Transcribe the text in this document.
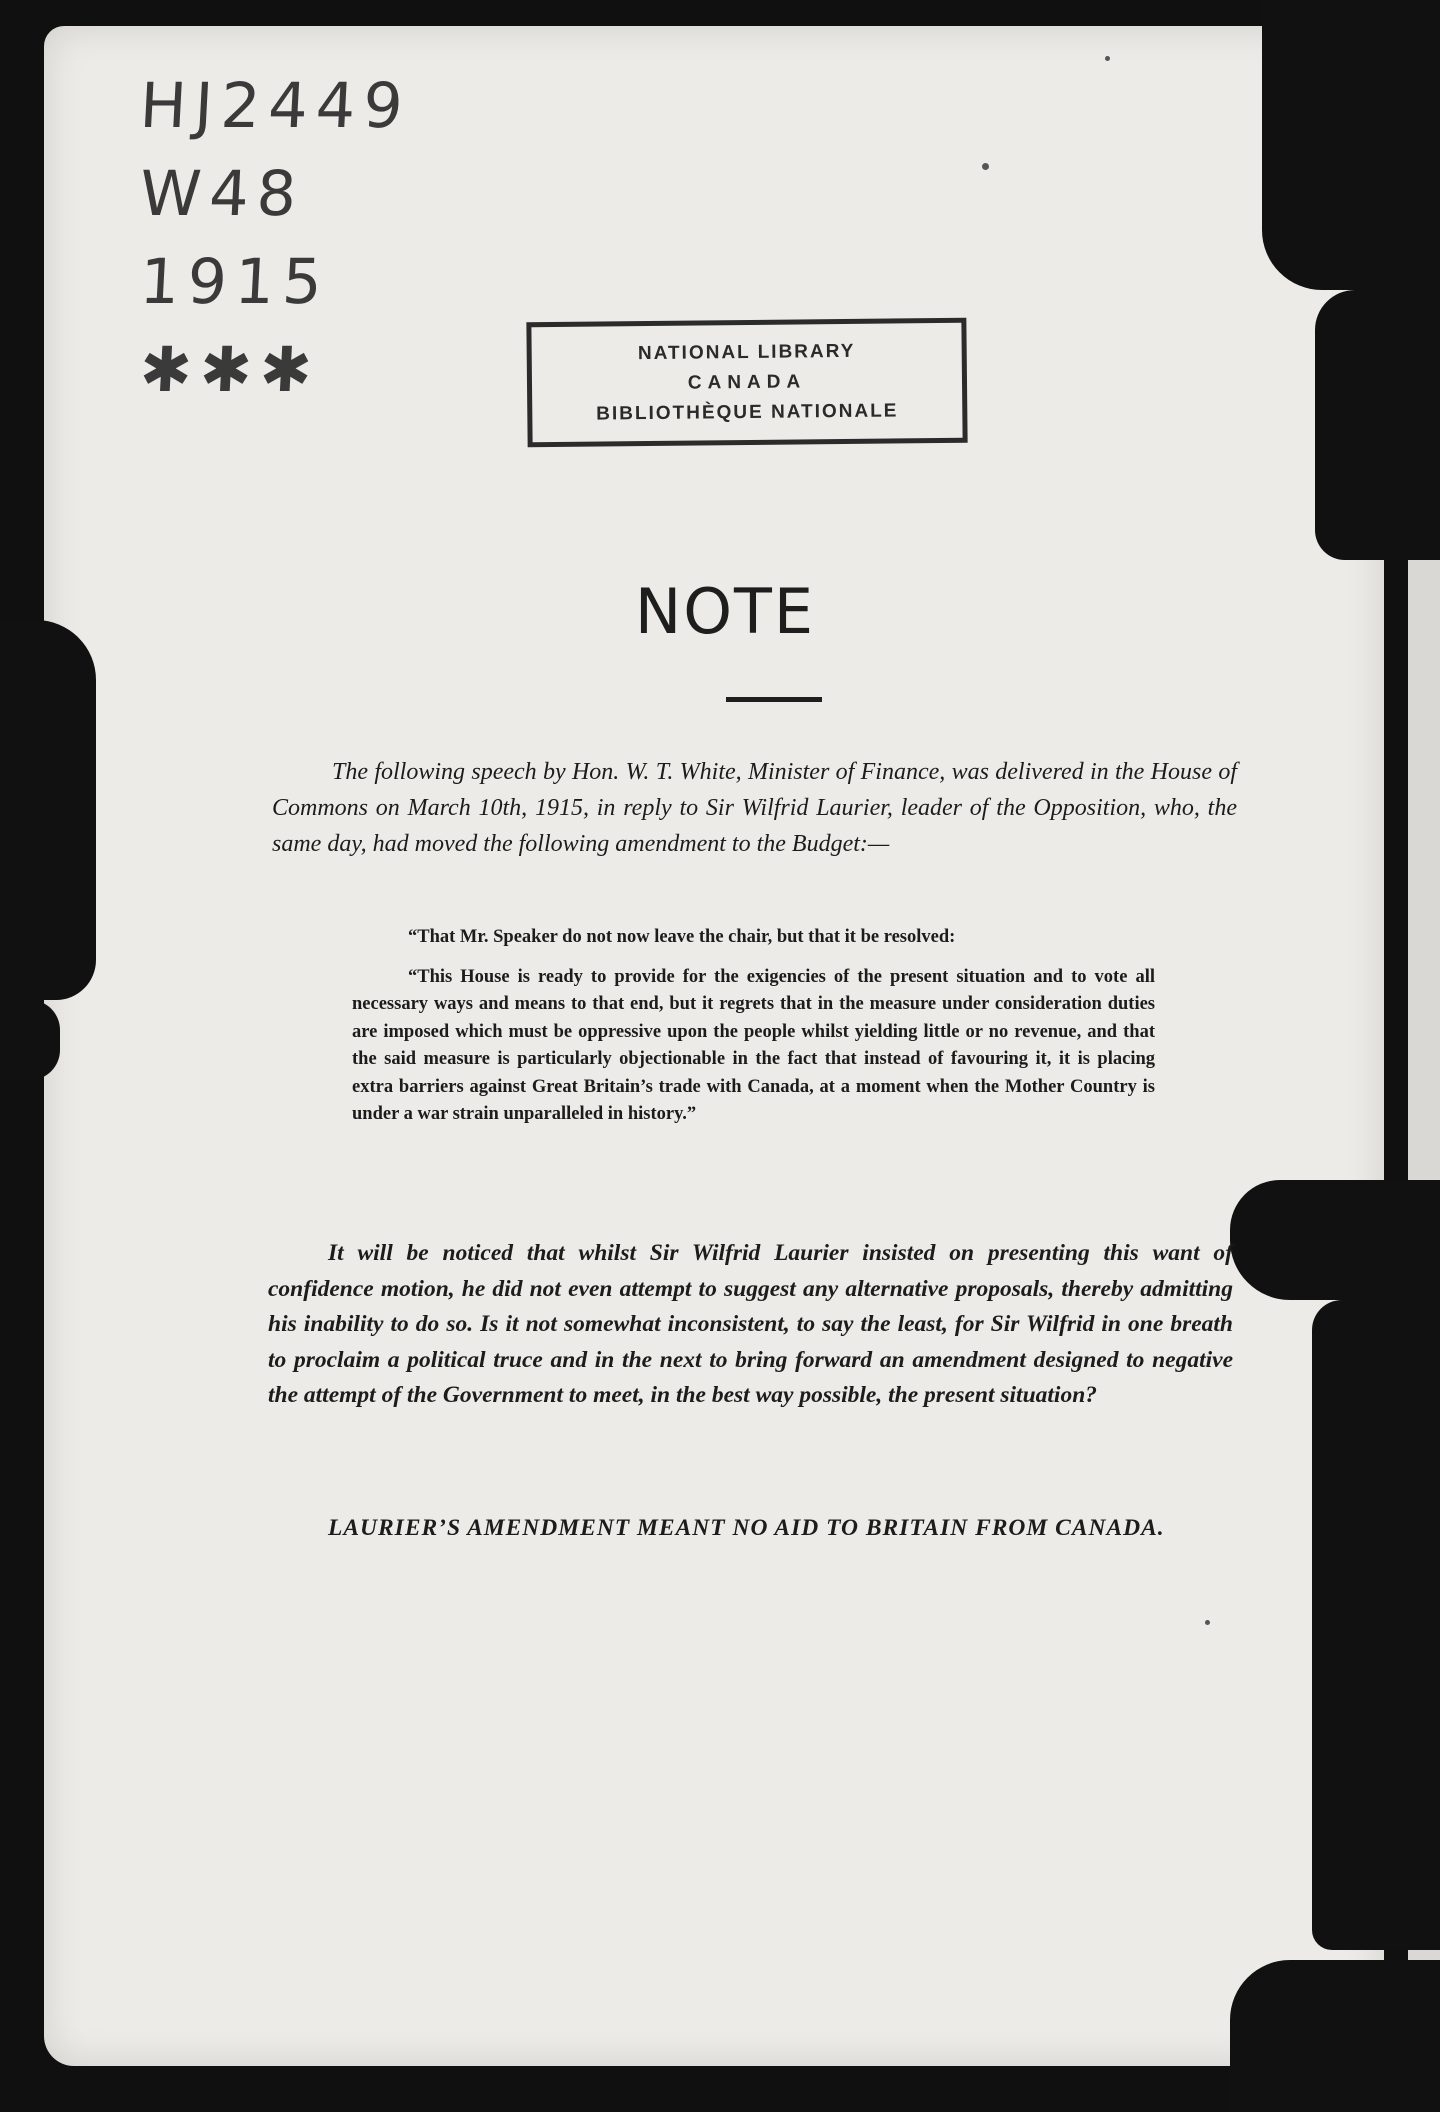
HJ2449
W48
1915
✱✱✱	NATIONAL LIBRARY
CANADA
BIBLIOTHÈQUE NATIONALE
NOTE
The following speech by Hon. W. T. White, Minister of Finance, was delivered in the House of Commons on March 10th, 1915, in reply to Sir Wilfrid Laurier, leader of the Opposition, who, the same day, had moved the following amendment to the Budget:—

“That Mr. Speaker do not now leave the chair, but that it be resolved:

“This House is ready to provide for the exigencies of the present situation and to vote all necessary ways and means to that end, but it regrets that in the measure under consideration duties are imposed which must be oppressive upon the people whilst yielding little or no revenue, and that the said measure is particularly objectionable in the fact that instead of favouring it, it is placing extra barriers against Great Britain’s trade with Canada, at a moment when the Mother Country is under a war strain unparalleled in history.”

It will be noticed that whilst Sir Wilfrid Laurier insisted on presenting this want of confidence motion, he did not even attempt to suggest any alternative proposals, thereby admitting his inability to do so. Is it not somewhat inconsistent, to say the least, for Sir Wilfrid in one breath to proclaim a political truce and in the next to bring forward an amendment designed to negative the attempt of the Government to meet, in the best way possible, the present situation?
LAURIER’S AMENDMENT MEANT NO AID TO BRITAIN FROM CANADA.
